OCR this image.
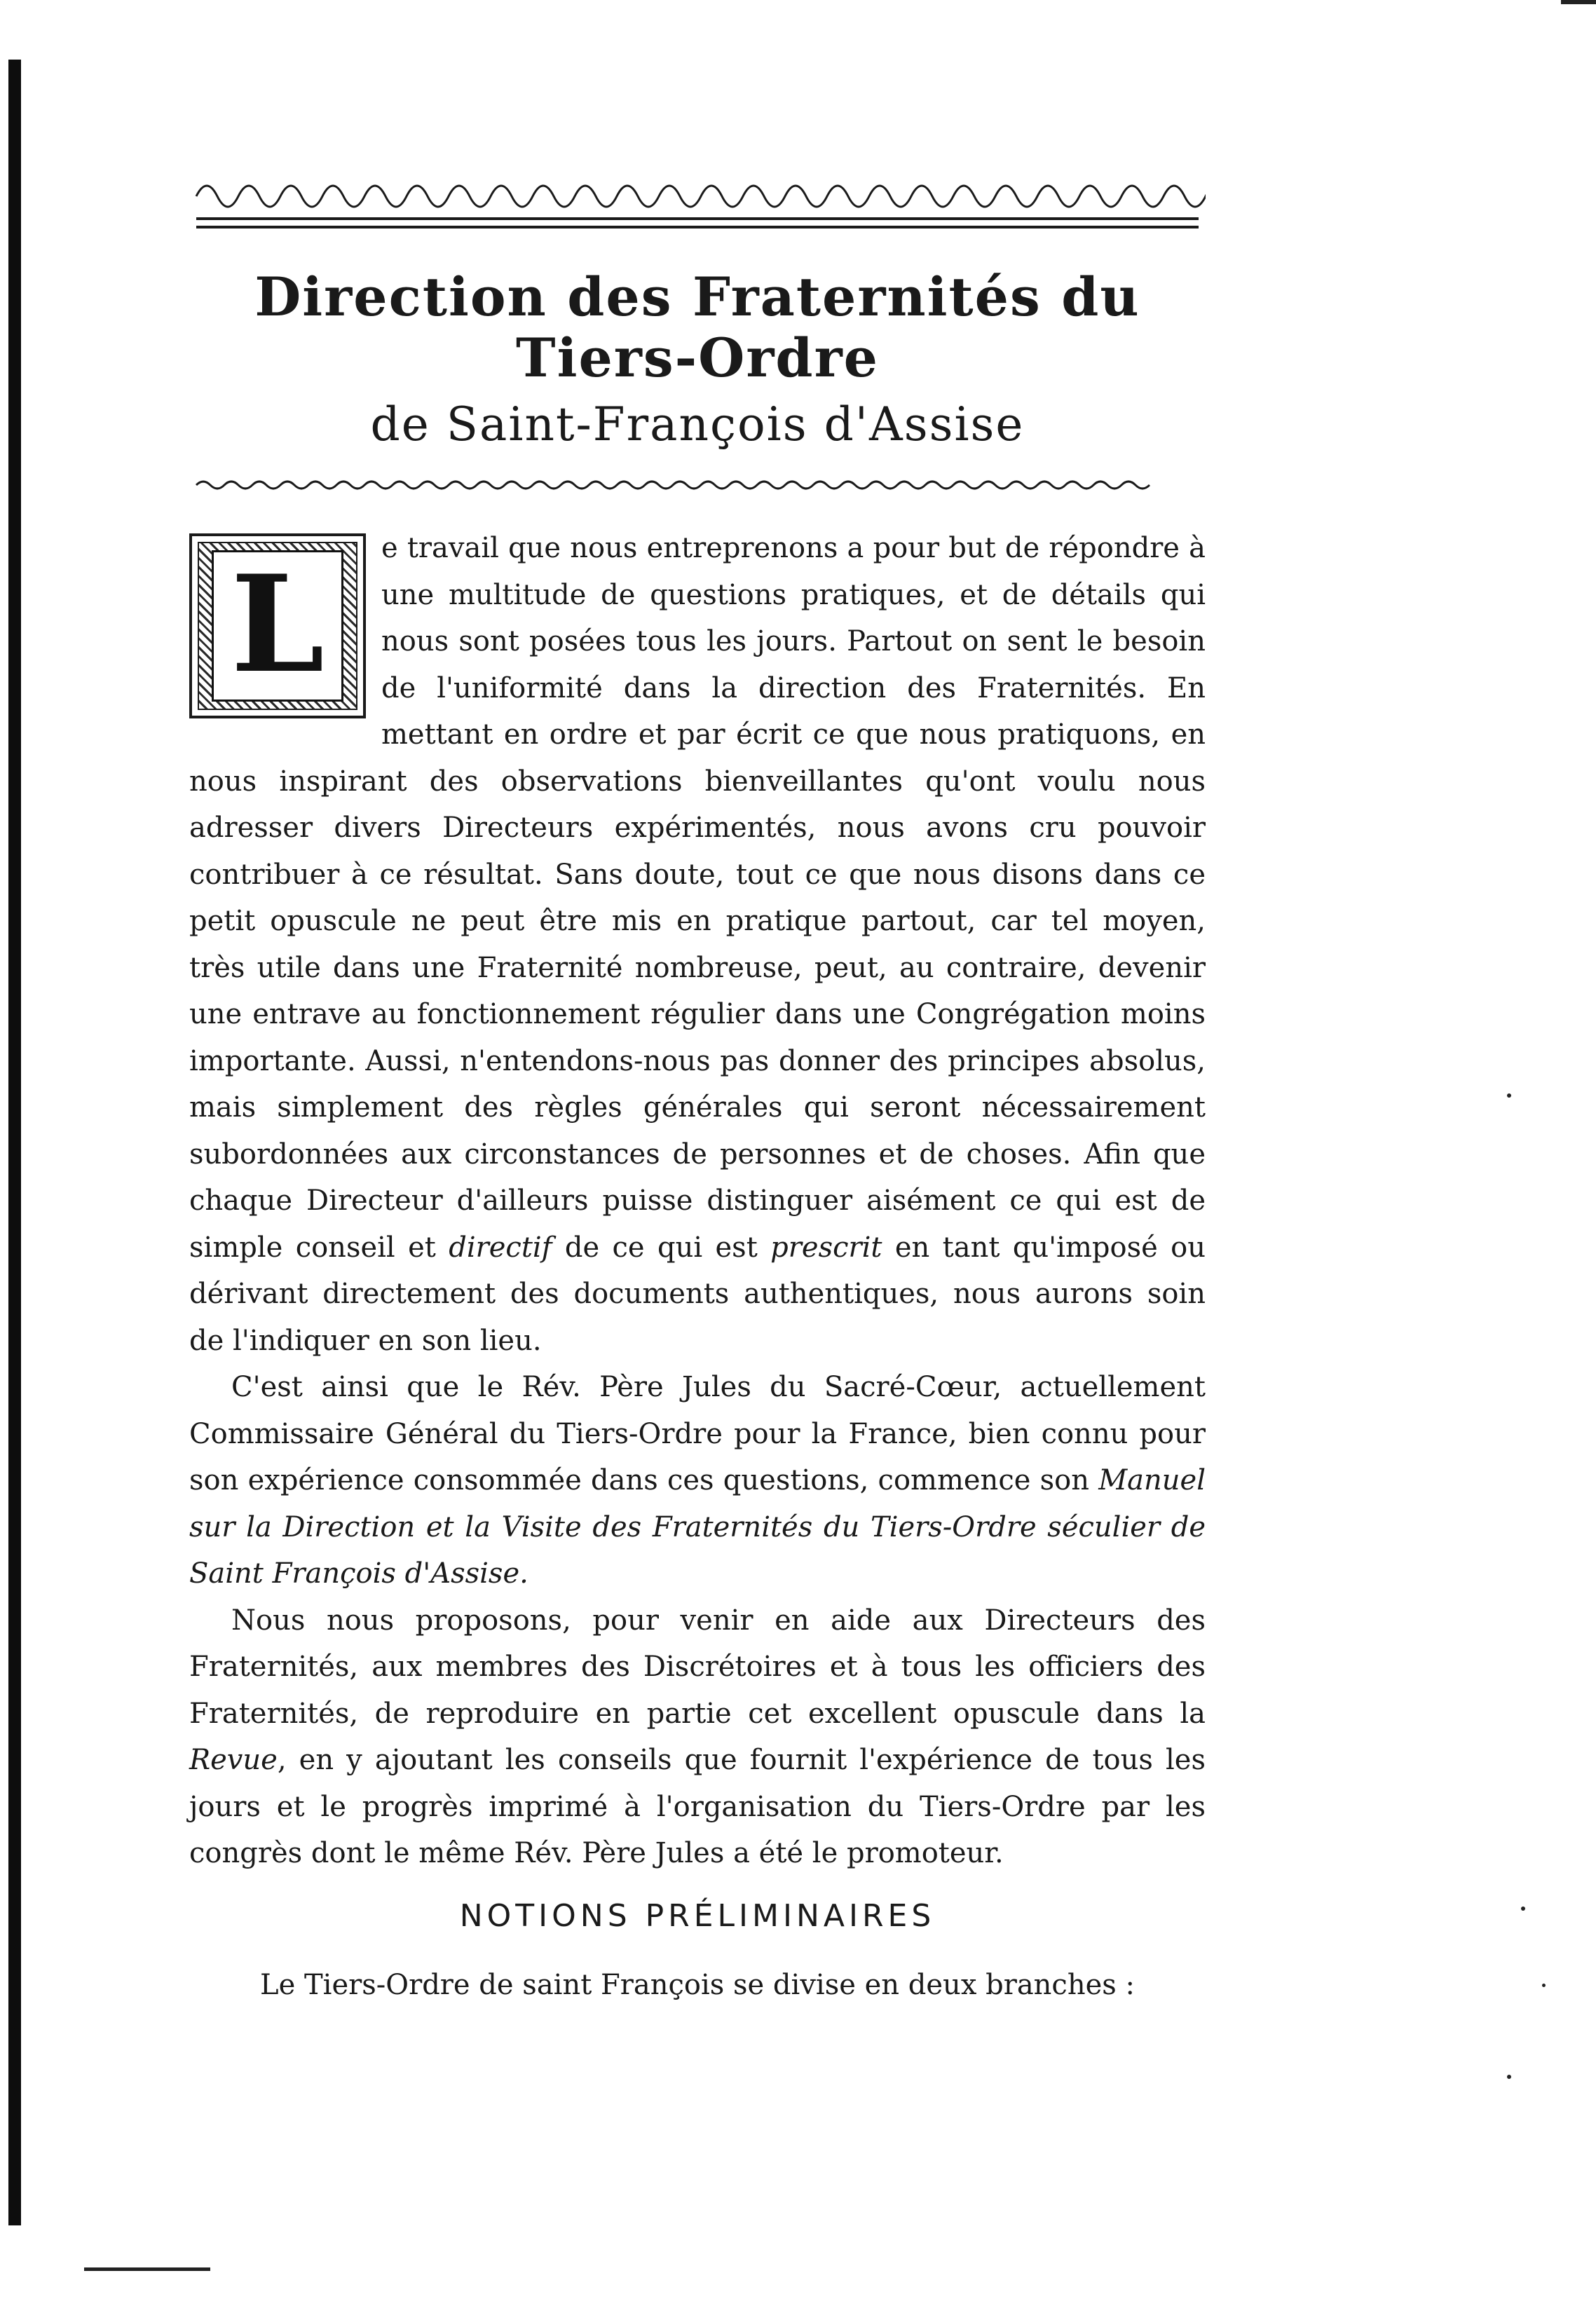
Direction des Fraternités du Tiers-Ordre
de Saint-François d'Assise

L	e travail que nous entreprenons a pour but de répondre à une multitude de questions pratiques, et de détails qui nous sont posées tous les jours. Partout on sent le besoin de l'uniformité dans la direction des Fraternités. En mettant en ordre et par écrit ce que nous pratiquons, en nous inspirant des observations bienveillantes qu'ont voulu nous adresser divers Directeurs expérimentés, nous avons cru pouvoir contribuer à ce résultat. Sans doute, tout ce que nous disons dans ce petit opuscule ne peut être mis en pratique partout, car tel moyen, très utile dans une Fraternité nombreuse, peut, au contraire, devenir une entrave au fonctionnement régulier dans une Congrégation moins importante. Aussi, n'entendons-nous pas donner des principes absolus, mais simplement des règles générales qui seront nécessairement subordonnées aux circonstances de personnes et de choses. Afin que chaque Directeur d'ailleurs puisse distinguer aisément ce qui est de simple conseil et directif de ce qui est prescrit en tant qu'imposé ou dérivant directement des documents authentiques, nous aurons soin de l'indiquer en son lieu.

C'est ainsi que le Rév. Père Jules du Sacré-Cœur, actuellement Commissaire Général du Tiers-Ordre pour la France, bien connu pour son expérience consommée dans ces questions, commence son Manuel sur la Direction et la Visite des Fraternités du Tiers-Ordre séculier de Saint François d'Assise.

Nous nous proposons, pour venir en aide aux Directeurs des Fraternités, aux membres des Discrétoires et à tous les officiers des Fraternités, de reproduire en partie cet excellent opuscule dans la Revue, en y ajoutant les conseils que fournit l'expérience de tous les jours et le progrès imprimé à l'organisation du Tiers-Ordre par les congrès dont le même Rév. Père Jules a été le promoteur.

NOTIONS PRÉLIMINAIRES
Le Tiers-Ordre de saint François se divise en deux branches :
